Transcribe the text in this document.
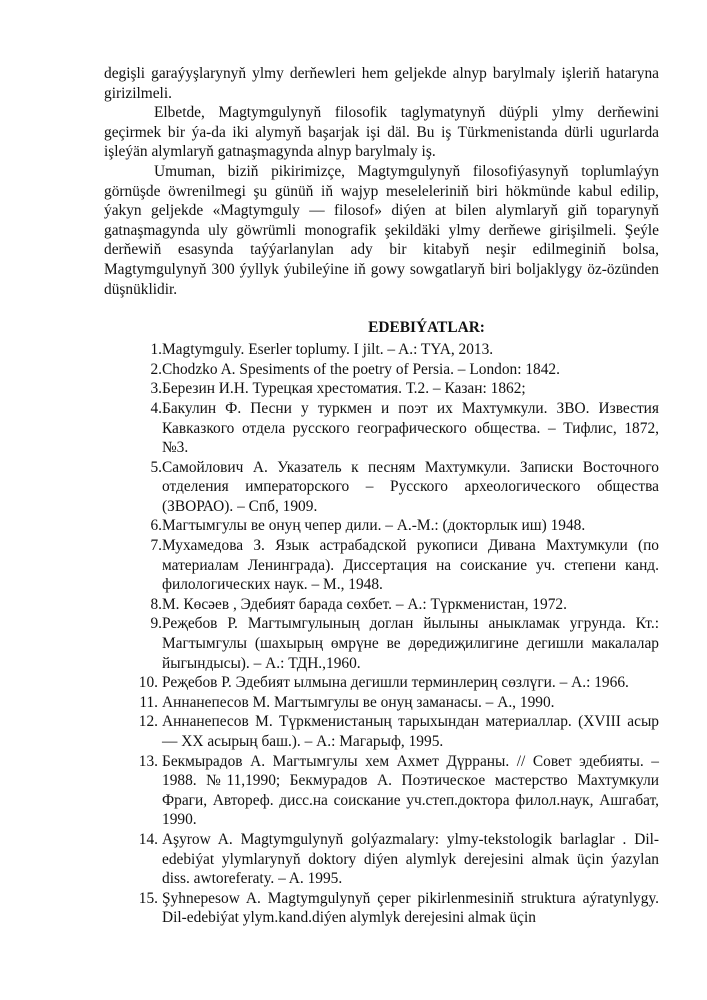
degişli garaýyşlarynyň ylmy derňewleri hem geljekde alnyp barylmaly işleriň hataryna girizilmeli.

Elbetde, Magtymgulynyň filosofik taglymatynyň düýpli ylmy derňewini geçirmek bir ýa-da iki alymyň başarjak işi däl. Bu iş Türkmenistanda dürli ugurlarda işleýän alymlaryň gatnaşmagynda alnyp barylmaly iş.

Umuman, biziň pikirimizçe, Magtymgulynyň filosofiýasynyň toplumlaýyn görnüşde öwrenilmegi şu günüň iň wajyp meseleleriniň biri hökmünde kabul edilip, ýakyn geljekde «Magtymguly — filosof» diýen at bilen alymlaryň giň toparynyň gatnaşmagynda uly göwrümli monografik şekildäki ylmy derňewe girişilmeli. Şeýle derňewiň esasynda taýýarlanylan ady bir kitabyň neşir edilmeginiň bolsa, Magtymgulynyň 300 ýyllyk ýubileýine iň gowy sowgatlaryň biri boljaklygy öz-özünden düşnüklidir.

EDEBIÝATLAR:
1. Magtymguly. Eserler toplumy. I jilt. – A.: TYA, 2013.
2. Chodzko A. Spesiments of the poetry of Persia. – London: 1842.
3. Березин И.Н. Турецкая хрестоматия. Т.2. – Казан: 1862;
4. Бакулин Ф. Песни у туркмен и поэт их Махтумкули. ЗВО. Известия Кавказкого отдела русского географического общества. – Тифлис, 1872, №3.
5. Самойлович А. Указатель к песням Махтумкули. Записки Восточного отделения императорского – Русского археологического общества (ЗВОРАО). – Спб, 1909.
6. Магтымгулы ве онуң чепер дили. – А.-М.: (докторлык иш) 1948.
7. Мухамедова З. Язык астрабадской рукописи Дивана Махтумкули (по материалам Ленинграда). Диссертация на соискание уч. степени канд. филологических наук. – М., 1948.
8. М. Көсәев , Эдебият барада сөхбет. – А.: Түркменистан, 1972.
9. Реҗебов Р. Магтымгулының доглан йылыны аныкламак угрунда. Кт.: Магтымгулы (шахырың өмрүне ве дөредиҗилигине дегишли макалалар йыгындысы). – А.: ТДН.,1960.
10. Реҗебов Р. Эдебият ылмына дегишли терминлериң сөзлүги. – А.: 1966.
11. Аннанепесов М. Магтымгулы ве онуң заманасы. – А., 1990.
12. Аннанепесов М. Түркменистаның тарыхындан материаллар. (XVIII асыр — XX асырың баш.). – А.: Магарыф, 1995.
13. Бекмырадов А. Магтымгулы хем Ахмет Дүррaны. // Совет эдебияты. – 1988. №11,1990; Бекмурадов А. Поэтическое мастерство Махтумкули Фраги, Автореф. дисс.на соискание уч.степ.доктора филол.наук, Ашгабат, 1990.
14. Aşyrow A. Magtymgulynyň golýazmalary: ylmy-tekstologik barlaglar . Dil-edebiýat ylymlarynyň doktory diýen alymlyk derejesini almak üçin ýazylan diss. awtoreferaty. – A. 1995.
15. Şyhnepesow A. Magtymgulynyň çeper pikirlenmesiniň struktura aýratynlygy. Dil-edebiýat ylym.kand.diýen alymlyk derejesini almak üçin
